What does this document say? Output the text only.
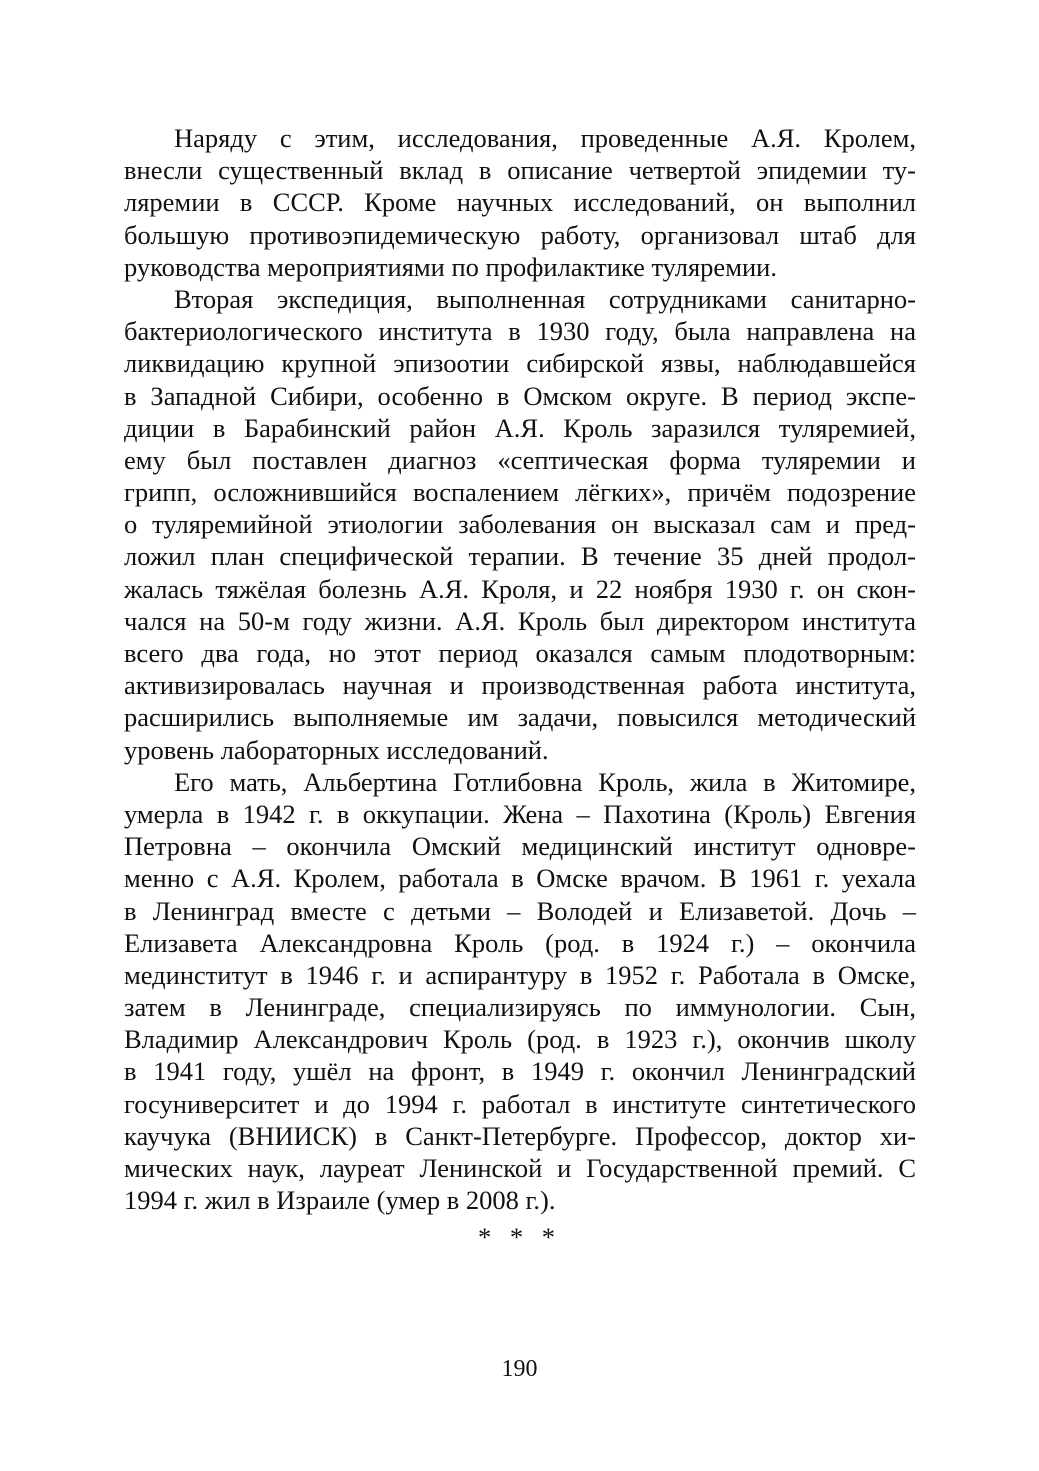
Наряду с этим, исследования, проведенные А.Я. Кролем,
внесли существенный вклад в описание четвертой эпидемии ту-
ляремии в СССР. Кроме научных исследований, он выполнил
большую противоэпидемическую работу, организовал штаб для
руководства мероприятиями по профилактике туляремии.
Вторая экспедиция, выполненная сотрудниками санитарно-
бактериологического института в 1930 году, была направлена на
ликвидацию крупной эпизоотии сибирской язвы, наблюдавшейся
в Западной Сибири, особенно в Омском округе. В период экспе-
диции в Барабинский район А.Я. Кроль заразился туляремией,
ему был поставлен диагноз «септическая форма туляремии и
грипп, осложнившийся воспалением лёгких», причём подозрение
о туляремийной этиологии заболевания он высказал сам и пред-
ложил план специфической терапии. В течение 35 дней продол-
жалась тяжёлая болезнь А.Я. Кроля, и 22 ноября 1930 г. он скон-
чался на 50-м году жизни. А.Я. Кроль был директором института
всего два года, но этот период оказался самым плодотворным:
активизировалась научная и производственная работа института,
расширились выполняемые им задачи, повысился методический
уровень лабораторных исследований.
Его мать, Альбертина Готлибовна Кроль, жила в Житомире,
умерла в 1942 г. в оккупации. Жена – Пахотина (Кроль) Евгения
Петровна – окончила Омский медицинский институт одновре-
менно с А.Я. Кролем, работала в Омске врачом. В 1961 г. уехала
в Ленинград вместе с детьми – Володей и Елизаветой. Дочь –
Елизавета Александровна Кроль (род. в 1924 г.) – окончила
мединститут в 1946 г. и аспирантуру в 1952 г. Работала в Омске,
затем в Ленинграде, специализируясь по иммунологии. Сын,
Владимир Александрович Кроль (род. в 1923 г.), окончив школу
в 1941 году, ушёл на фронт, в 1949 г. окончил Ленинградский
госуниверситет и до 1994 г. работал в институте синтетического
каучука (ВНИИСК) в Санкт-Петербурге. Профессор, доктор хи-
мических наук, лауреат Ленинской и Государственной премий. С
1994 г. жил в Израиле (умер в 2008 г.).
* * *
190
